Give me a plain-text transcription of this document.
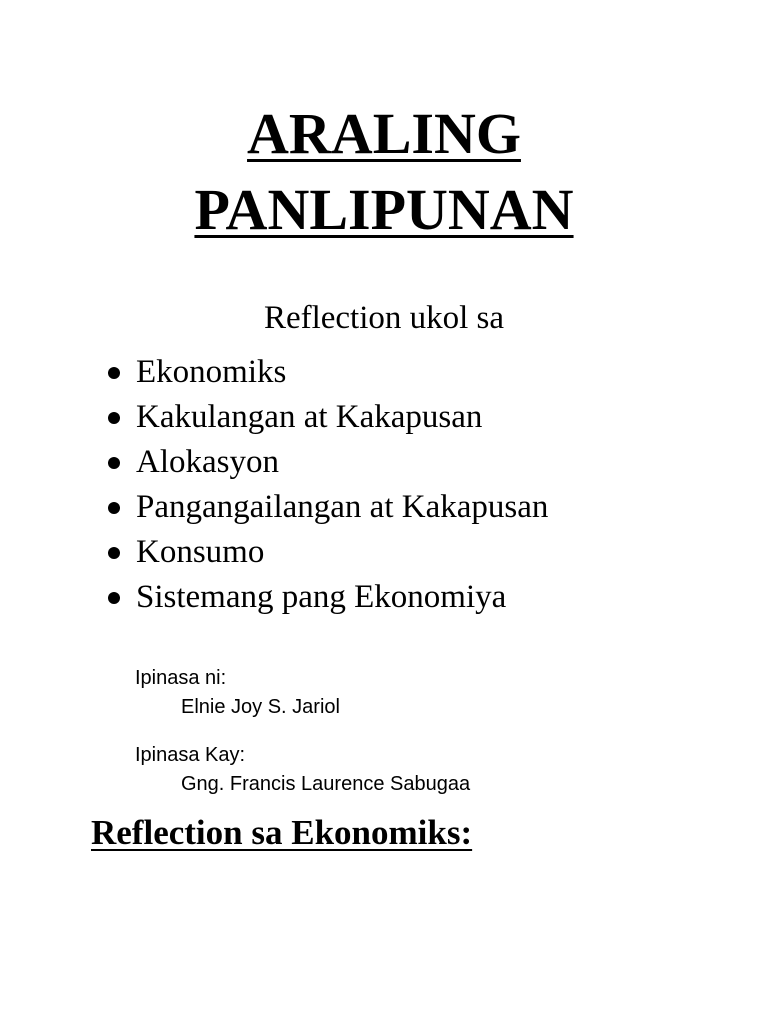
ARALING
PANLIPUNAN
Reflection ukol sa
Ekonomiks
Kakulangan at Kakapusan
Alokasyon
Pangangailangan at Kakapusan
Konsumo
Sistemang pang Ekonomiya
Ipinasa ni:
Elnie Joy S. Jariol
Ipinasa Kay:
Gng. Francis Laurence Sabugaa
Reflection sa Ekonomiks:
